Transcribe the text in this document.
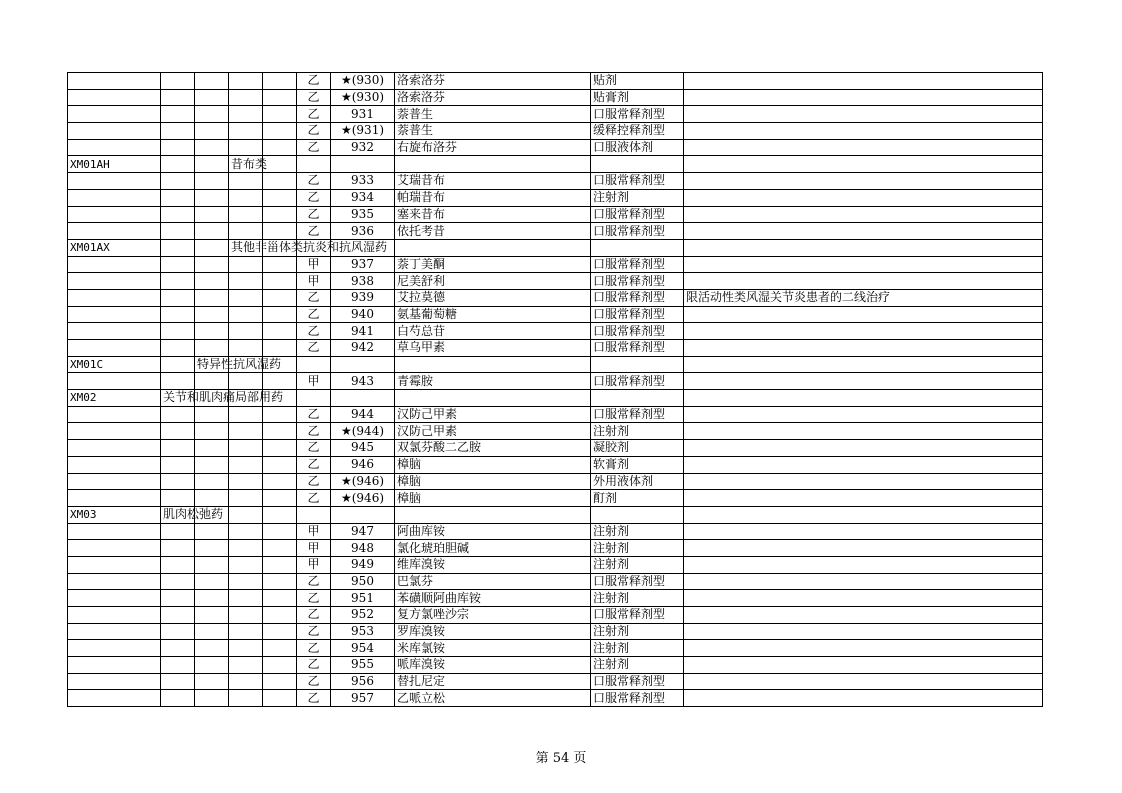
					乙	★(930)	洛索洛芬	贴剂	
					乙	★(930)	洛索洛芬	贴膏剂	
					乙	931	萘普生	口服常释剂型	
					乙	★(931)	萘普生	缓释控释剂型	
					乙	932	右旋布洛芬	口服液体剂	
XM01AH			昔布类						
					乙	933	艾瑞昔布	口服常释剂型	
					乙	934	帕瑞昔布	注射剂	
					乙	935	塞来昔布	口服常释剂型	
					乙	936	依托考昔	口服常释剂型	
XM01AX			其他非甾体类抗炎和抗风湿药						
					甲	937	萘丁美酮	口服常释剂型	
					甲	938	尼美舒利	口服常释剂型	
					乙	939	艾拉莫德	口服常释剂型	限活动性类风湿关节炎患者的二线治疗
					乙	940	氨基葡萄糖	口服常释剂型	
					乙	941	白芍总苷	口服常释剂型	
					乙	942	草乌甲素	口服常释剂型	
XM01C		特异性抗风湿药							
					甲	943	青霉胺	口服常释剂型	
XM02	关节和肌肉痛局部用药								
					乙	944	汉防己甲素	口服常释剂型	
					乙	★(944)	汉防己甲素	注射剂	
					乙	945	双氯芬酸二乙胺	凝胶剂	
					乙	946	樟脑	软膏剂	
					乙	★(946)	樟脑	外用液体剂	
					乙	★(946)	樟脑	酊剂	
XM03	肌肉松弛药								
					甲	947	阿曲库铵	注射剂	
					甲	948	氯化琥珀胆碱	注射剂	
					甲	949	维库溴铵	注射剂	
					乙	950	巴氯芬	口服常释剂型	
					乙	951	苯磺顺阿曲库铵	注射剂	
					乙	952	复方氯唑沙宗	口服常释剂型	
					乙	953	罗库溴铵	注射剂	
					乙	954	米库氯铵	注射剂	
					乙	955	哌库溴铵	注射剂	
					乙	956	替扎尼定	口服常释剂型	
					乙	957	乙哌立松	口服常释剂型	
第 54 页
